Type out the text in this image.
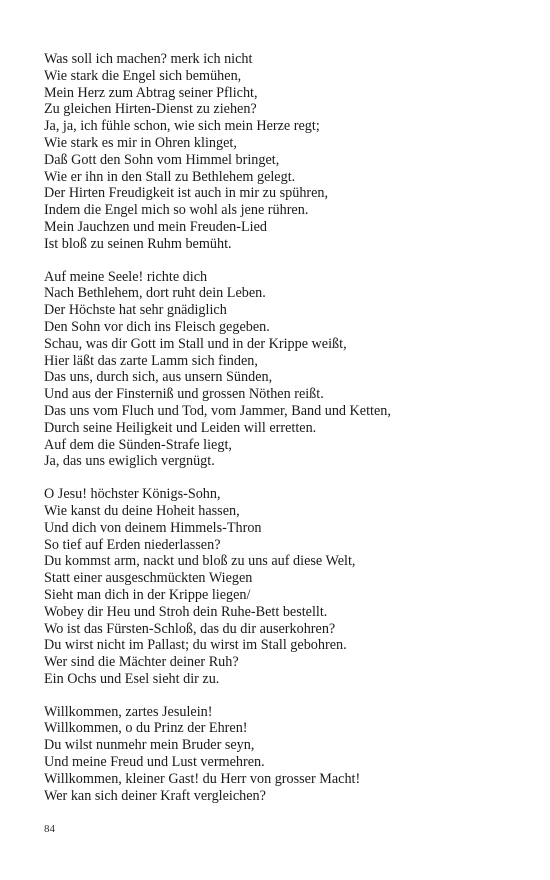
Was soll ich machen? merk ich nicht
Wie stark die Engel sich bemühen,
Mein Herz zum Abtrag seiner Pflicht,
Zu gleichen Hirten-Dienst zu ziehen?
Ja, ja, ich fühle schon, wie sich mein Herze regt;
Wie stark es mir in Ohren klinget,
Daß Gott den Sohn vom Himmel bringet,
Wie er ihn in den Stall zu Bethlehem gelegt.
Der Hirten Freudigkeit ist auch in mir zu spühren,
Indem die Engel mich so wohl als jene rühren.
Mein Jauchzen und mein Freuden-Lied
Ist bloß zu seinen Ruhm bemüht.
Auf meine Seele! richte dich
Nach Bethlehem, dort ruht dein Leben.
Der Höchste hat sehr gnädiglich
Den Sohn vor dich ins Fleisch gegeben.
Schau, was dir Gott im Stall und in der Krippe weißt,
Hier läßt das zarte Lamm sich finden,
Das uns, durch sich, aus unsern Sünden,
Und aus der Finsterniß und grossen Nöthen reißt.
Das uns vom Fluch und Tod, vom Jammer, Band und Ketten,
Durch seine Heiligkeit und Leiden will erretten.
Auf dem die Sünden-Strafe liegt,
Ja, das uns ewiglich vergnügt.
O Jesu! höchster Königs-Sohn,
Wie kanst du deine Hoheit hassen,
Und dich von deinem Himmels-Thron
So tief auf Erden niederlassen?
Du kommst arm, nackt und bloß zu uns auf diese Welt,
Statt einer ausgeschmückten Wiegen
Sieht man dich in der Krippe liegen/
Wobey dir Heu und Stroh dein Ruhe-Bett bestellt.
Wo ist das Fürsten-Schloß, das du dir auserkohren?
Du wirst nicht im Pallast; du wirst im Stall gebohren.
Wer sind die Mächter deiner Ruh?
Ein Ochs und Esel sieht dir zu.
Willkommen, zartes Jesulein!
Willkommen, o du Prinz der Ehren!
Du wilst nunmehr mein Bruder seyn,
Und meine Freud und Lust vermehren.
Willkommen, kleiner Gast! du Herr von grosser Macht!
Wer kan sich deiner Kraft vergleichen?
84
